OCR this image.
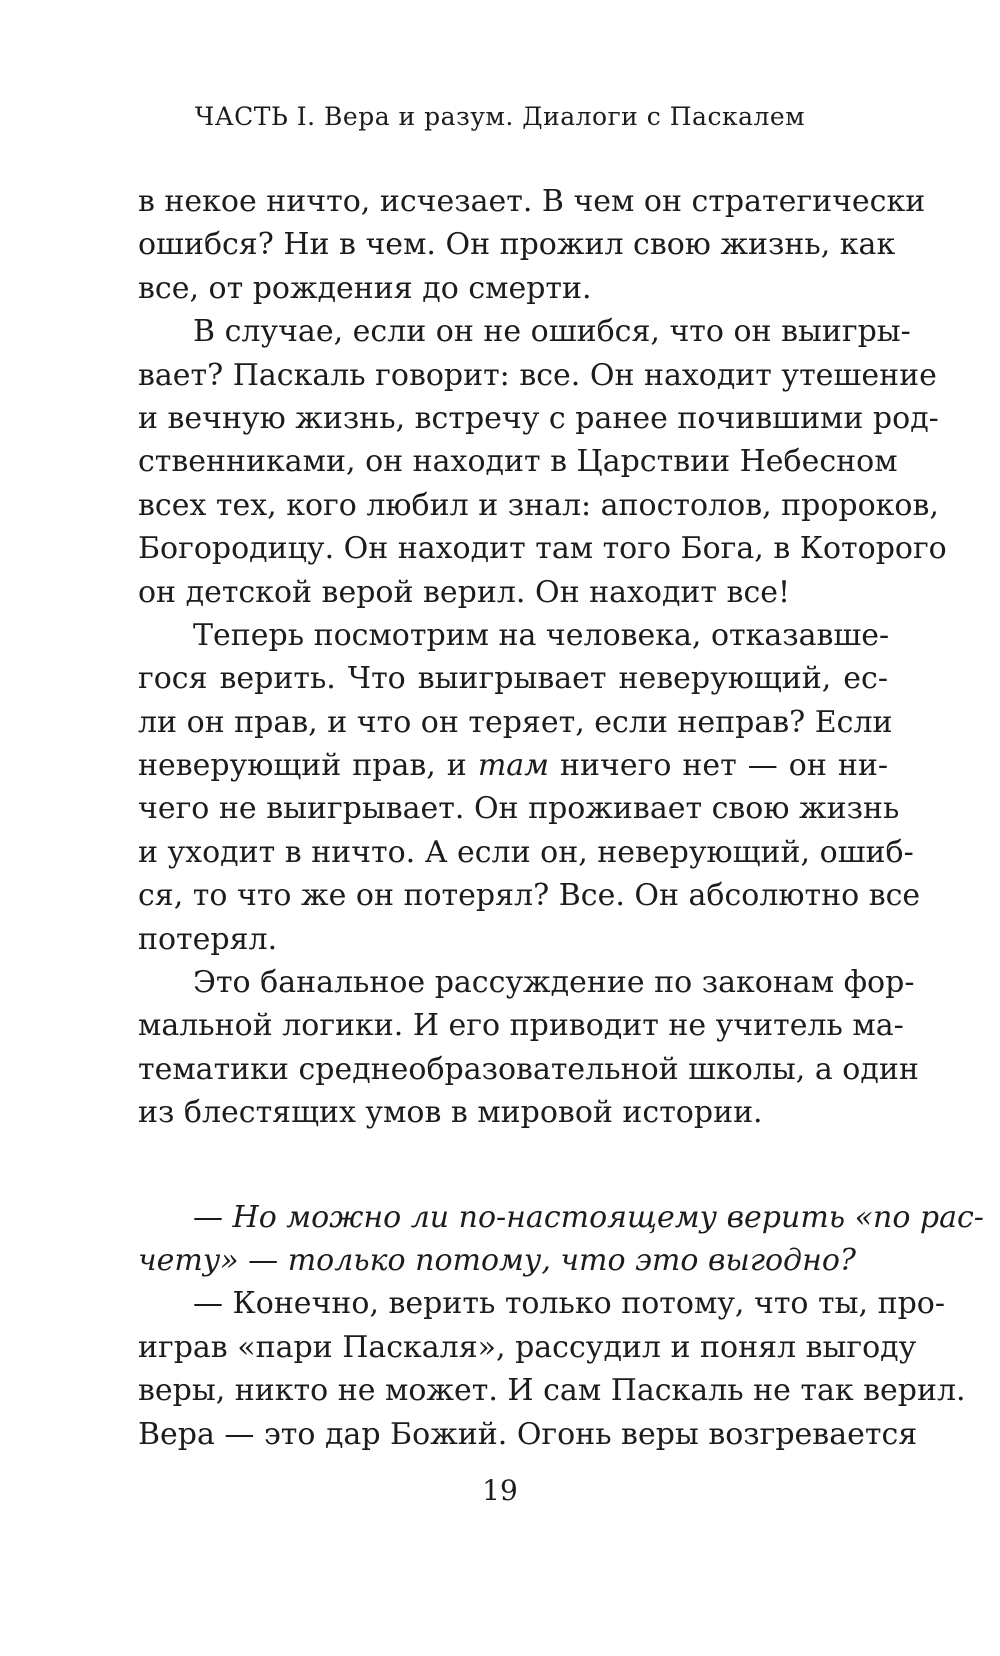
ЧАСТЬ I. Вера и разум. Диалоги с Паскалем
в некое ничто, исчезает. В чем он стратегически
ошибся? Ни в чем. Он прожил свою жизнь, как
все, от рождения до смерти.
В случае, если он не ошибся, что он выигры-
вает? Паскаль говорит: все. Он находит утешение
и вечную жизнь, встречу с ранее почившими род-
ственниками, он находит в Царствии Небесном
всех тех, кого любил и знал: апостолов, пророков,
Богородицу. Он находит там того Бога, в Которого
он детской верой верил. Он находит все!
Теперь посмотрим на человека, отказавше-
гося верить. Что выигрывает неверующий, ес-
ли он прав, и что он теряет, если неправ? Если
неверующий прав, и там ничего нет — он ни-
чего не выигрывает. Он проживает свою жизнь
и уходит в ничто. А если он, неверующий, ошиб-
ся, то что же он потерял? Все. Он абсолютно все
потерял.
Это банальное рассуждение по законам фор-
мальной логики. И его приводит не учитель ма-
тематики среднеобразовательной школы, а один
из блестящих умов в мировой истории.
— Но можно ли по-настоящему верить «по рас-
чету» — только потому, что это выгодно?
— Конечно, верить только потому, что ты, про-
играв «пари Паскаля», рассудил и понял выгоду
веры, никто не может. И сам Паскаль не так верил.
Вера — это дар Божий. Огонь веры возгревается
19
